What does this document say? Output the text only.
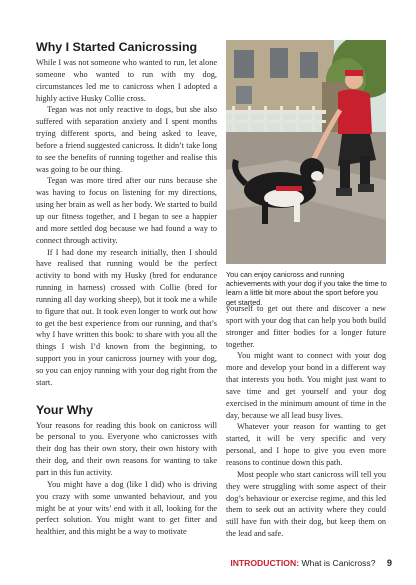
Why I Started Canicrossing

While I was not someone who wanted to run, let alone someone who wanted to run with my dog, circumstances led me to canicross when I adopted a highly active Husky Collie cross.

Tegan was not only reactive to dogs, but she also suffered with separation anxiety and I spent months trying different sports, and being asked to leave, before a friend suggested canicross. It didn’t take long to see the benefits of running together and realise this was going to be our thing.

Tegan was more tired after our runs because she was having to focus on listening for my directions, using her brain as well as her body. We started to build up our fitness together, and I began to see a happier and more settled dog because we had found a way to connect through activity.

If I had done my research initially, then I should have realised that running would be the perfect activity to bond with my Husky (bred for endurance running in harness) crossed with Collie (bred for running all day working sheep), but it took me a while to figure that out. It took even longer to work out how to get the best experience from our running, and that’s why I have written this book: to share with you all the things I wish I’d known from the beginning, to support you in your canicross journey with your dog, so you can enjoy running with your dog right from the start.

Your Why

Your reasons for reading this book on canicross will be personal to you. Everyone who canicrosses with their dog has their own story, their own history with their dog, and their own reasons for wanting to take part in this fun activity.

You might have a dog (like I did) who is driving you crazy with some unwanted behaviour, and you might be at your wits’ end with it all, looking for the perfect solution. You might want to get fitter and healthier, and this might be a way to motivate

You can enjoy canicross and running achievements with your dog if you take the time to learn a little bit more about the sport before you get started.

yourself to get out there and discover a new sport with your dog that can help you both build stronger and fitter bodies for a longer future together.

You might want to connect with your dog more and develop your bond in a different way that interests you both. You might just want to save time and get yourself and your dog exercised in the minimum amount of time in the day, because we all lead busy lives.

Whatever your reason for wanting to get started, it will be very specific and very personal, and I hope to give you even more reasons to continue down this path.

Most people who start canicross will tell you they were struggling with some aspect of their dog’s behaviour or exercise regime, and this led them to seek out an activity where they could still have fun with their dog, but keep them on the lead and safe.

INTRODUCTION: What is Canicross? 9
